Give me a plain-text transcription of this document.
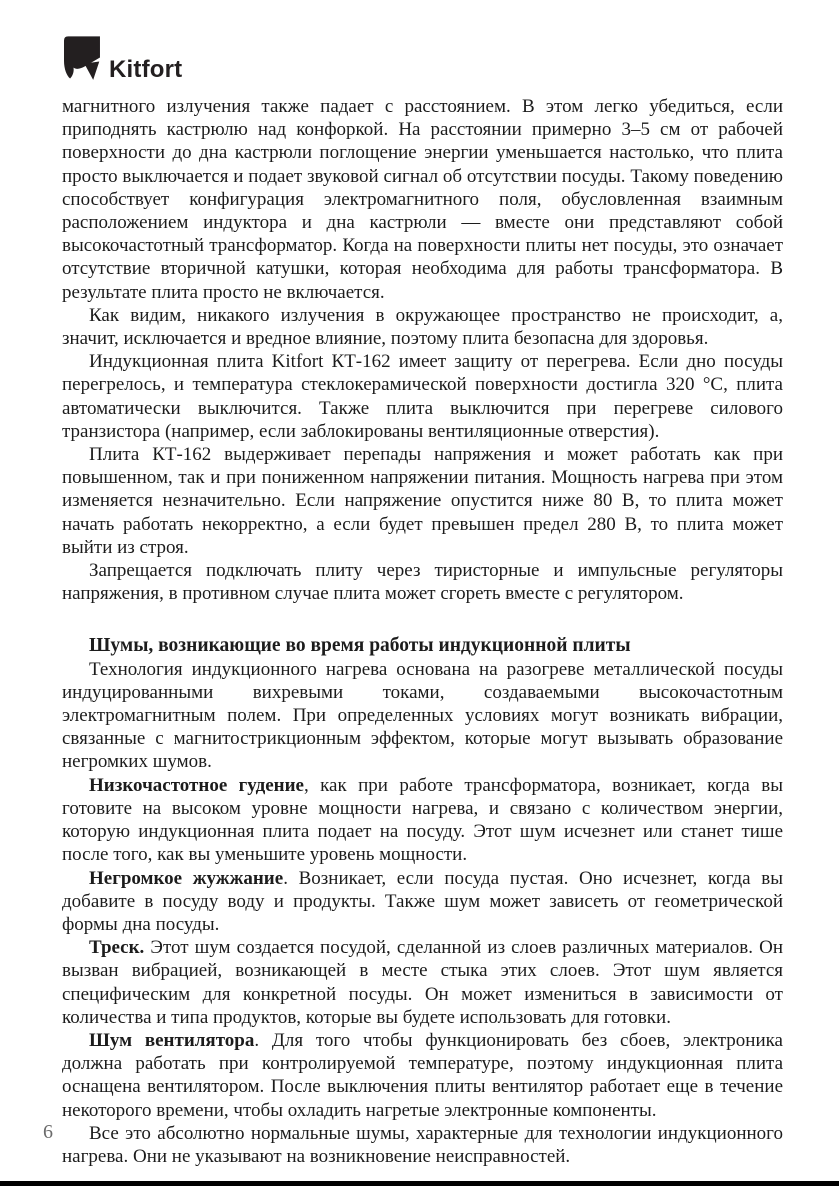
Kitfort

магнитного излучения также падает с расстоянием. В этом легко убедиться, если приподнять кастрюлю над конфоркой. На расстоянии примерно 3–5 см от рабочей поверхности до дна кастрюли поглощение энергии уменьшается настолько, что плита просто выключается и подает звуковой сигнал об отсутствии посуды. Такому поведению способствует конфигурация электромагнитного поля, обусловленная взаимным расположением индуктора и дна кастрюли — вместе они представляют собой высокочастотный трансформатор. Когда на поверхности плиты нет посуды, это означает отсутствие вторичной катушки, которая необходима для работы трансформатора. В результате плита просто не включается.

Как видим, никакого излучения в окружающее пространство не происходит, а, значит, исключается и вредное влияние, поэтому плита безопасна для здоровья.

Индукционная плита Kitfort КТ-162 имеет защиту от перегрева. Если дно посуды перегрелось, и температура стеклокерамической поверхности достигла 320 °C, плита автоматически выключится. Также плита выключится при перегреве силового транзистора (например, если заблокированы вентиляционные отверстия).

Плита КТ-162 выдерживает перепады напряжения и может работать как при повышенном, так и при пониженном напряжении питания. Мощность нагрева при этом изменяется незначительно. Если напряжение опустится ниже 80 В, то плита может начать работать некорректно, а если будет превышен предел 280 В, то плита может выйти из строя.

Запрещается подключать плиту через тиристорные и импульсные регуляторы напряжения, в противном случае плита может сгореть вместе с регулятором.

Шумы, возникающие во время работы индукционной плиты

Технология индукционного нагрева основана на разогреве металлической посуды индуцированными вихревыми токами, создаваемыми высокочастотным электромагнитным полем. При определенных условиях могут возникать вибрации, связанные с магнитострикционным эффектом, которые могут вызывать образование негромких шумов.

Низкочастотное гудение, как при работе трансформатора, возникает, когда вы готовите на высоком уровне мощности нагрева, и связано с количеством энергии, которую индукционная плита подает на посуду. Этот шум исчезнет или станет тише после того, как вы уменьшите уровень мощности.

Негромкое жужжание. Возникает, если посуда пустая. Оно исчезнет, когда вы добавите в посуду воду и продукты. Также шум может зависеть от геометрической формы дна посуды.

Треск. Этот шум создается посудой, сделанной из слоев различных материалов. Он вызван вибрацией, возникающей в месте стыка этих слоев. Этот шум является специфическим для конкретной посуды. Он может измениться в зависимости от количества и типа продуктов, которые вы будете использовать для готовки.

Шум вентилятора. Для того чтобы функционировать без сбоев, электроника должна работать при контролируемой температуре, поэтому индукционная плита оснащена вентилятором. После выключения плиты вентилятор работает еще в течение некоторого времени, чтобы охладить нагретые электронные компоненты.

Все это абсолютно нормальные шумы, характерные для технологии индукционного нагрева. Они не указывают на возникновение неисправностей.

6
